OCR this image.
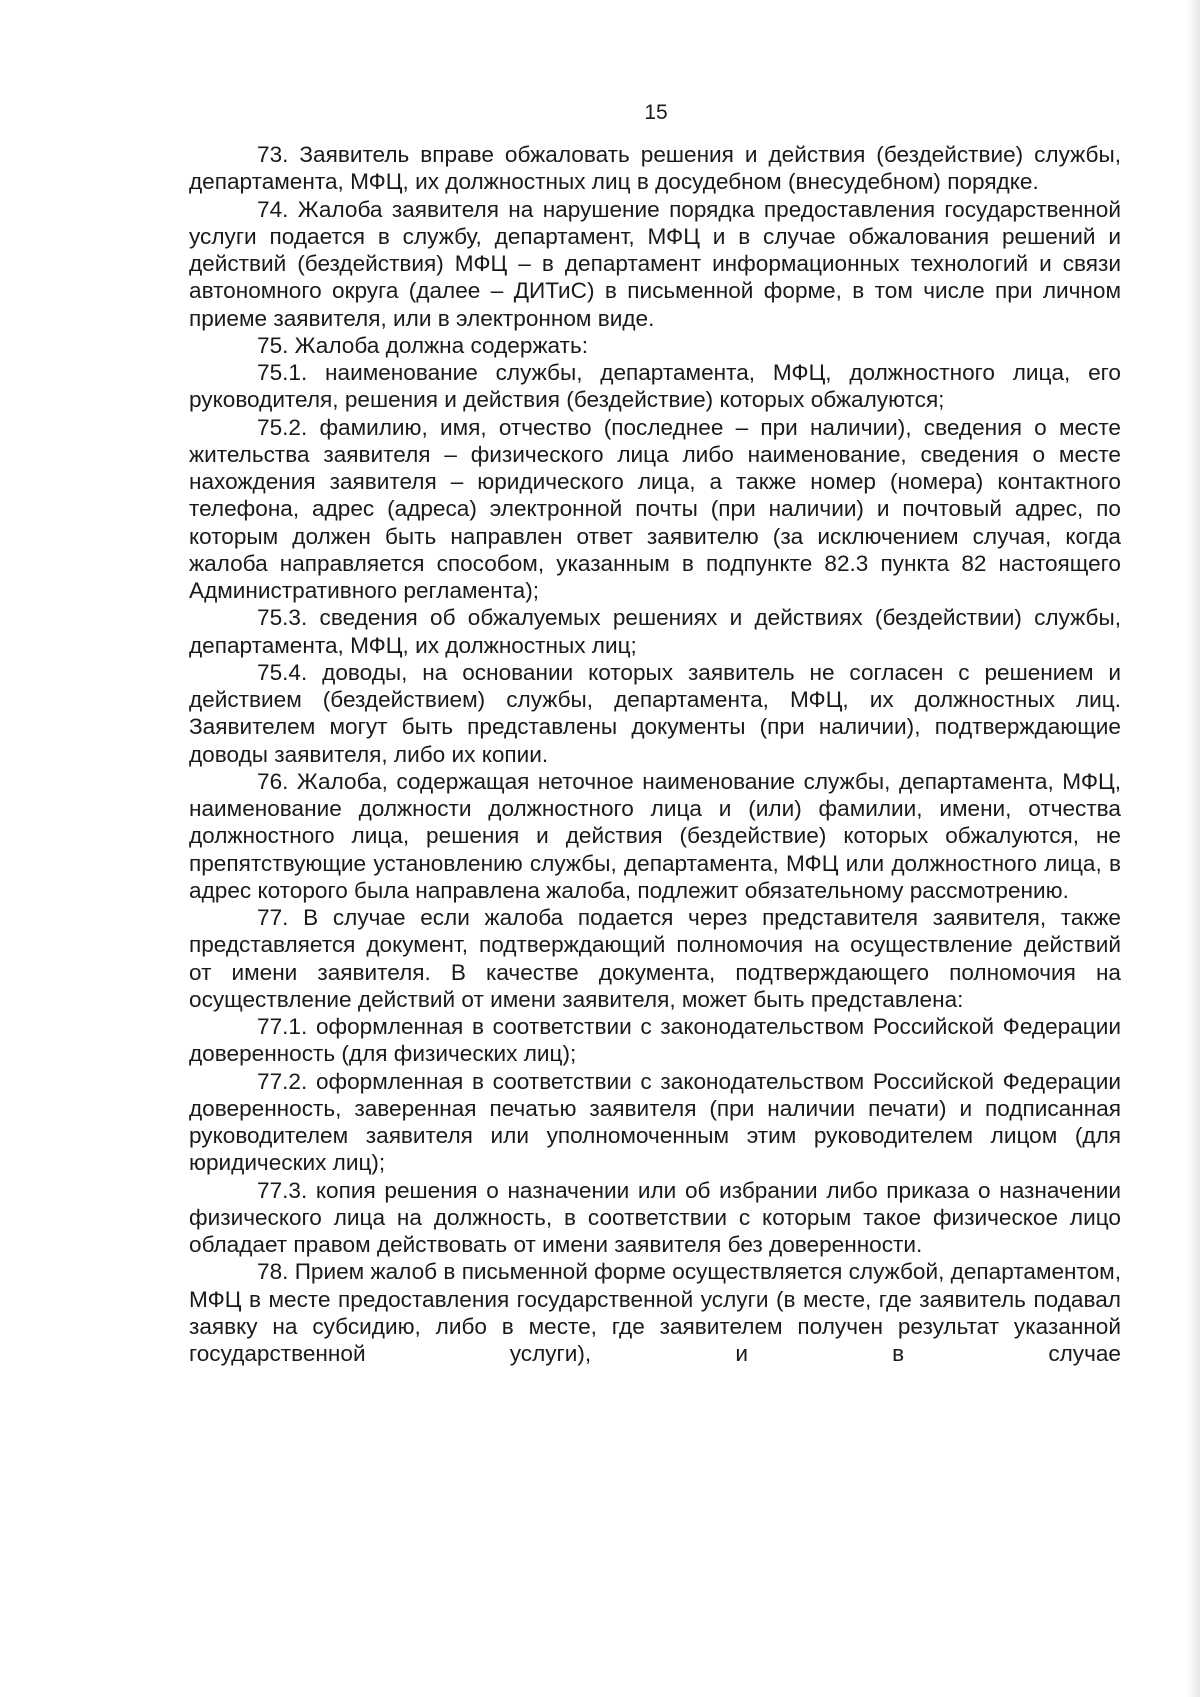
15

73. Заявитель вправе обжаловать решения и действия (бездействие) службы, департамента, МФЦ, их должностных лиц в досудебном (внесудебном) порядке.

74. Жалоба заявителя на нарушение порядка предоставления государственной услуги подается в службу, департамент, МФЦ и в случае обжалования решений и действий (бездействия) МФЦ – в департамент информационных технологий и связи автономного округа (далее – ДИТиС) в письменной форме, в том числе при личном приеме заявителя, или в электронном виде.

75. Жалоба должна содержать:

75.1. наименование службы, департамента, МФЦ, должностного лица, его руководителя, решения и действия (бездействие) которых обжалуются;

75.2. фамилию, имя, отчество (последнее – при наличии), сведения о месте жительства заявителя – физического лица либо наименование, сведения о месте нахождения заявителя – юридического лица, а также номер (номера) контактного телефона, адрес (адреса) электронной почты (при наличии) и почтовый адрес, по которым должен быть направлен ответ заявителю (за исключением случая, когда жалоба направляется способом, указанным в подпункте 82.3 пункта 82 настоящего Административного регламента);

75.3. сведения об обжалуемых решениях и действиях (бездействии) службы, департамента, МФЦ, их должностных лиц;

75.4. доводы, на основании которых заявитель не согласен с решением и действием (бездействием) службы, департамента, МФЦ, их должностных лиц. Заявителем могут быть представлены документы (при наличии), подтверждающие доводы заявителя, либо их копии.

76. Жалоба, содержащая неточное наименование службы, департамента, МФЦ, наименование должности должностного лица и (или) фамилии, имени, отчества должностного лица, решения и действия (бездействие) которых обжалуются, не препятствующие установлению службы, департамента, МФЦ или должностного лица, в адрес которого была направлена жалоба, подлежит обязательному рассмотрению.

77. В случае если жалоба подается через представителя заявителя, также представляется документ, подтверждающий полномочия на осуществление действий от имени заявителя. В качестве документа, подтверждающего полномочия на осуществление действий от имени заявителя, может быть представлена:

77.1. оформленная в соответствии с законодательством Российской Федерации доверенность (для физических лиц);

77.2. оформленная в соответствии с законодательством Российской Федерации доверенность, заверенная печатью заявителя (при наличии печати) и подписанная руководителем заявителя или уполномоченным этим руководителем лицом (для юридических лиц);

77.3. копия решения о назначении или об избрании либо приказа о назначении физического лица на должность, в соответствии с которым такое физическое лицо обладает правом действовать от имени заявителя без доверенности.

78. Прием жалоб в письменной форме осуществляется службой, департаментом, МФЦ в месте предоставления государственной услуги (в месте, где заявитель подавал заявку на субсидию, либо в месте, где заявителем получен результат указанной государственной услуги), и в случае
